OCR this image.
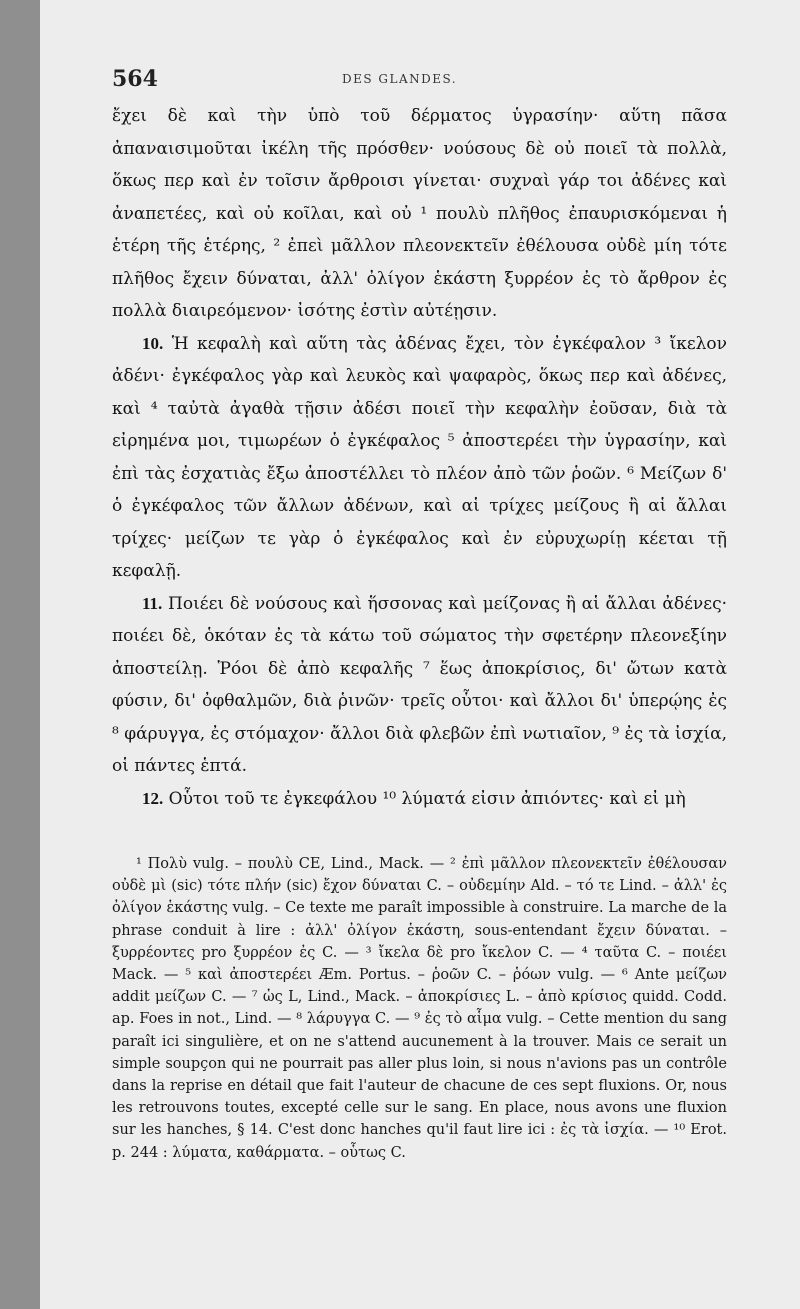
564	DES GLANDES.

ἔχει δὲ καὶ τὴν ὑπὸ τοῦ δέρματος ὑγρασίην· αὕτη πᾶσα ἀπαναισιμοῦται ἰκέλη τῆς πρόσθεν· νούσους δὲ οὐ ποιεῖ τὰ πολλὰ, ὅκως περ καὶ ἐν τοῖσιν ἄρθροισι γίνεται· συχναὶ γάρ τοι ἀδένες καὶ ἀναπετέες, καὶ οὐ κοῖλαι, καὶ οὐ ¹ πουλὺ πλῆθος ἐπαυρισκόμεναι ἡ ἑτέρη τῆς ἑτέρης, ² ἐπεὶ μᾶλλον πλεονεκτεῖν ἐθέλουσα οὐδὲ μίη τότε πλῆθος ἔχειν δύναται, ἀλλ' ὀλίγον ἑκάστη ξυρρέον ἐς τὸ ἄρθρον ἐς πολλὰ διαιρεόμενον· ἰσότης ἐστὶν αὐτέῃσιν.

10. Ἡ κεφαλὴ καὶ αὕτη τὰς ἀδένας ἔχει, τὸν ἐγκέφαλον ³ ἴκελον ἀδένι· ἐγκέφαλος γὰρ καὶ λευκὸς καὶ ψαφαρὸς, ὅκως περ καὶ ἀδένες, καὶ ⁴ ταὐτὰ ἀγαθὰ τῇσιν ἀδέσι ποιεῖ τὴν κεφαλὴν ἐοῦσαν, διὰ τὰ εἰρημένα μοι, τιμωρέων ὁ ἐγκέφαλος ⁵ ἀποστερέει τὴν ὑγρασίην, καὶ ἐπὶ τὰς ἐσχατιὰς ἔξω ἀποστέλλει τὸ πλέον ἀπὸ τῶν ῥοῶν. ⁶ Μείζων δ' ὁ ἐγκέφαλος τῶν ἄλλων ἀδένων, καὶ αἱ τρίχες μείζους ἢ αἱ ἄλλαι τρίχες· μείζων τε γὰρ ὁ ἐγκέφαλος καὶ ἐν εὐρυχωρίῃ κέεται τῇ κεφαλῇ.

11. Ποιέει δὲ νούσους καὶ ἥσσονας καὶ μείζονας ἢ αἱ ἄλλαι ἀδένες· ποιέει δὲ, ὁκόταν ἐς τὰ κάτω τοῦ σώματος τὴν σφετέρην πλεονεξίην ἀποστείλῃ. Ῥόοι δὲ ἀπὸ κεφαλῆς ⁷ ἕως ἀποκρίσιος, δι' ὤτων κατὰ φύσιν, δι' ὀφθαλμῶν, διὰ ῥινῶν· τρεῖς οὗτοι· καὶ ἄλλοι δι' ὑπερῴης ἐς ⁸ φάρυγγα, ἐς στόμαχον· ἄλλοι διὰ φλεβῶν ἐπὶ νωτιαῖον, ⁹ ἐς τὰ ἰσχία, οἱ πάντες ἑπτά.

12. Οὗτοι τοῦ τε ἐγκεφάλου ¹⁰ λύματά εἰσιν ἀπιόντες· καὶ εἰ μὴ

¹ Πολὺ vulg. – πουλὺ CE, Lind., Mack. — ² ἐπὶ μᾶλλον πλεονεκτεῖν ἐθέλουσαν οὐδὲ μὶ (sic) τότε πλήν (sic) ἔχον δύναται C. – οὐδεμίην Ald. – τό τε Lind. – ἀλλ' ἐς ὀλίγον ἑκάστης vulg. – Ce texte me paraît impossible à construire. La marche de la phrase conduit à lire : ἀλλ' ὀλίγον ἑκάστη, sous-entendant ἔχειν δύναται. – ξυρρέοντες pro ξυρρέον ἐς C. — ³ ἴκελα δὲ pro ἴκελον C. — ⁴ ταῦτα C. – ποιέει Mack. — ⁵ καὶ ἀποστερέει Æm. Portus. – ῥοῶν C. – ῥόων vulg. — ⁶ Ante μείζων addit μείζων C. — ⁷ ὡς L, Lind., Mack. – ἀποκρίσιες L. – ἀπὸ κρίσιος quidd. Codd. ap. Foes in not., Lind. — ⁸ λάρυγγα C. — ⁹ ἐς τὸ αἷμα vulg. – Cette mention du sang paraît ici singulière, et on ne s'attend aucunement à la trouver. Mais ce serait un simple soupçon qui ne pourrait pas aller plus loin, si nous n'avions pas un contrôle dans la reprise en détail que fait l'auteur de chacune de ces sept fluxions. Or, nous les retrouvons toutes, excepté celle sur le sang. En place, nous avons une fluxion sur les hanches, § 14. C'est donc hanches qu'il faut lire ici : ἐς τὰ ἰσχία. — ¹⁰ Erot. p. 244 : λύματα, καθάρματα. – οὗτως C.
